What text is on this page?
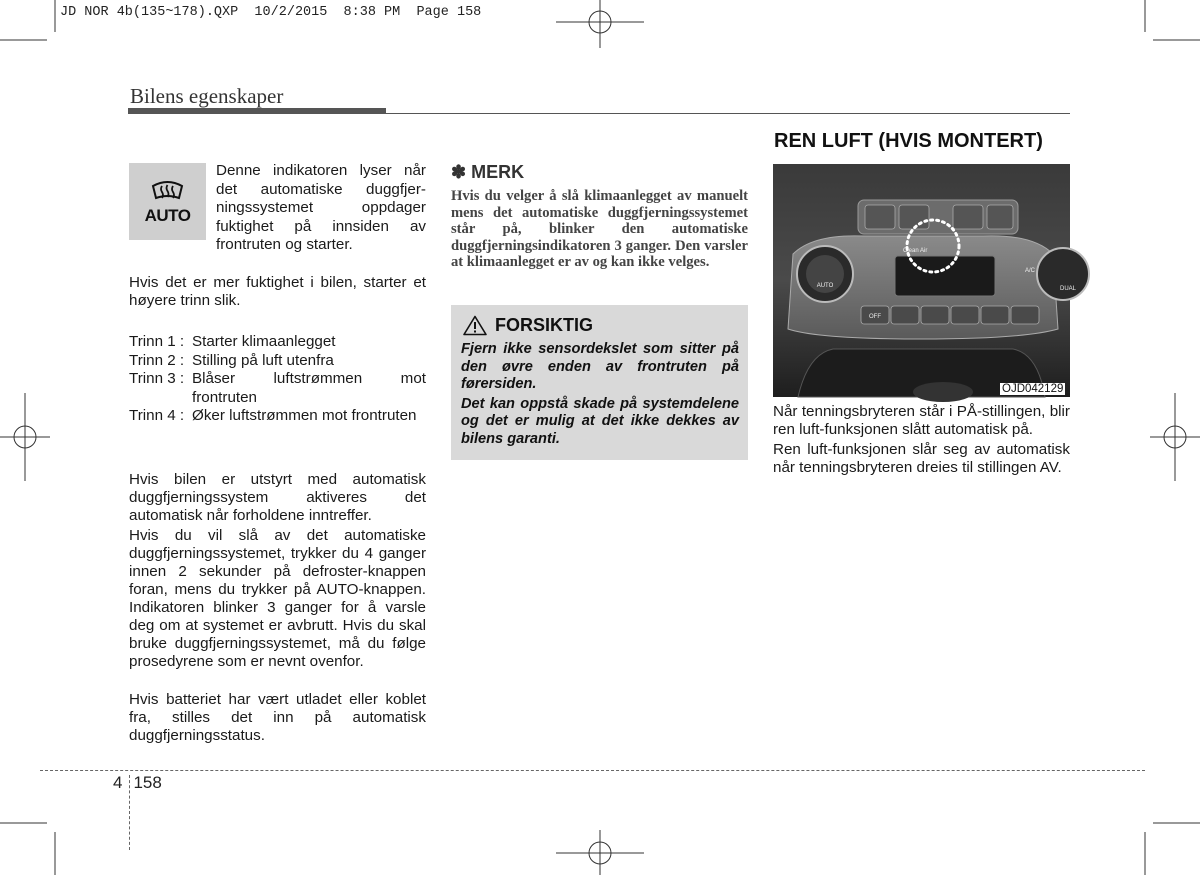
JD NOR 4b(135~178).QXP  10/2/2015  8:38 PM  Page 158
Bilens egenskaper
AUTO
Denne indikatoren lyser når det automatiske duggfjer-ningssystemet oppdager fuktighet på innsiden av frontruten og starter.
Hvis det er mer fuktighet i bilen, starter et høyere trinn slik.
Trinn 1 : Starter klimaanlegget
Trinn 2 : Stilling på luft utenfra
Trinn 3 : Blåser luftstrømmen mot frontruten
Trinn 4 : Øker luftstrømmen mot frontruten
Hvis bilen er utstyrt med automatisk duggfjerningssystem aktiveres det automatisk når forholdene inntreffer.
Hvis du vil slå av det automatiske duggfjerningssystemet, trykker du 4 ganger innen 2 sekunder på defroster-knappen foran, mens du trykker på AUTO-knappen. Indikatoren blinker 3 ganger for å varsle deg om at systemet er avbrutt. Hvis du skal bruke duggfjerningssystemet, må du følge prosedyrene som er nevnt ovenfor.
Hvis batteriet har vært utladet eller koblet fra, stilles det inn på automatisk duggfjerningsstatus.
✽ MERK
Hvis du velger å slå klimaanlegget av manuelt mens det automatiske duggfjerningssystemet står på, blinker den automatiske duggfjerningsindikatoren 3 ganger. Den varsler at klimaanlegget er av og kan ikke velges.
FORSIKTIG
Fjern ikke sensordekslet som sitter på den øvre enden av frontruten på førersiden.
Det kan oppstå skade på systemdelene og det er mulig at det ikke dekkes av bilens garanti.
REN LUFT (HVIS MONTERT)
AUTO	DUAL
Clean Air
A/C
OFF
OJD042129
Når tenningsbryteren står i PÅ-stillingen, blir ren luft-funksjonen slått automatisk på.
Ren luft-funksjonen slår seg av automatisk når tenningsbryteren dreies til stillingen AV.
4 158
